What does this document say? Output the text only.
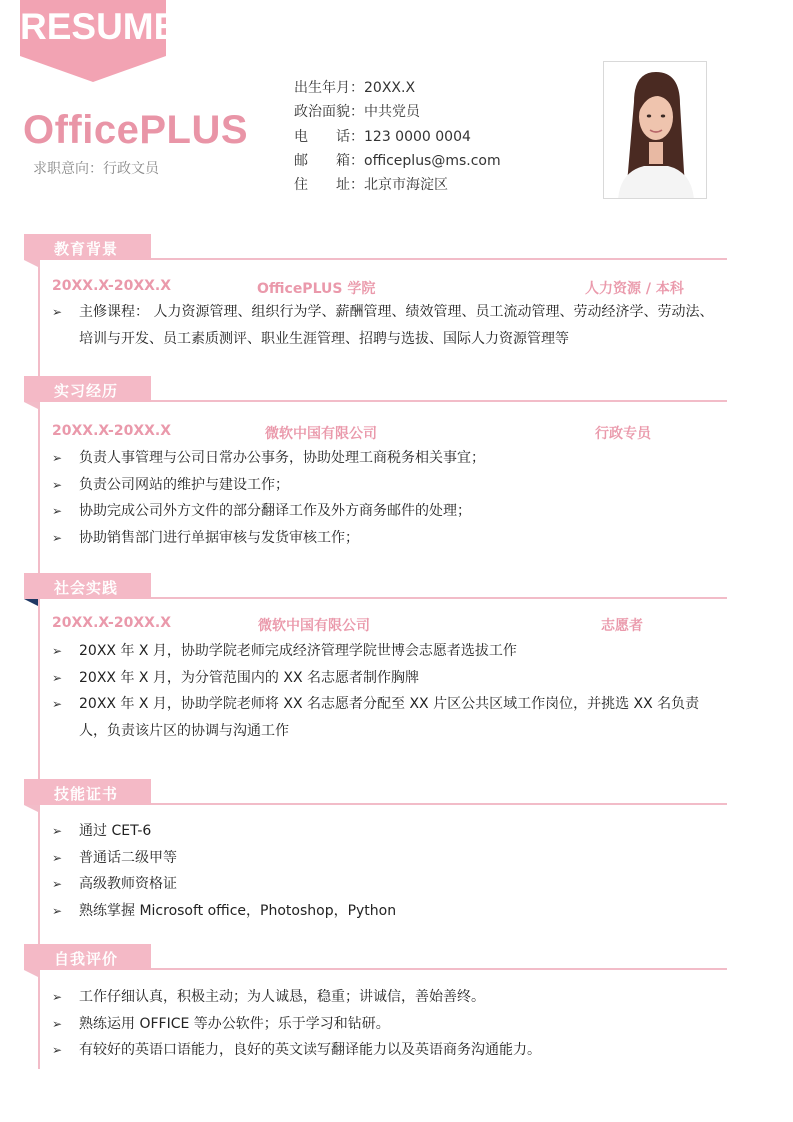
RESUME
OfficePLUS
求职意向：行政文员
出生年月： 20XX.X
政治面貌： 中共党员
电　　话： 123 0000 0004
邮　　箱： officeplus@ms.com
住　　址： 北京市海淀区
教育背景
20XX.X-20XX.X	OfficePLUS 学院	人力资源 / 本科
➢ 主修课程： 人力资源管理、组织行为学、薪酬管理、绩效管理、员工流动管理、劳动经济学、劳动法、培训与开发、员工素质测评、职业生涯管理、招聘与选拔、国际人力资源管理等
实习经历
20XX.X-20XX.X	微软中国有限公司	行政专员
➢ 负责人事管理与公司日常办公事务，协助处理工商税务相关事宜；
➢ 负责公司网站的维护与建设工作；
➢ 协助完成公司外方文件的部分翻译工作及外方商务邮件的处理；
➢ 协助销售部门进行单据审核与发货审核工作；
社会实践
20XX.X-20XX.X	微软中国有限公司	志愿者
➢ 20XX 年 X 月，协助学院老师完成经济管理学院世博会志愿者选拔工作
➢ 20XX 年 X 月，为分管范围内的 XX 名志愿者制作胸牌
➢ 20XX 年 X 月，协助学院老师将 XX 名志愿者分配至 XX 片区公共区域工作岗位，并挑选 XX 名负责人，负责该片区的协调与沟通工作
技能证书
➢ 通过 CET-6
➢ 普通话二级甲等
➢ 高级教师资格证
➢ 熟练掌握 Microsoft office，Photoshop，Python
自我评价
➢ 工作仔细认真，积极主动；为人诚恳，稳重；讲诚信，善始善终。
➢ 熟练运用 OFFICE 等办公软件；乐于学习和钻研。
➢ 有较好的英语口语能力，良好的英文读写翻译能力以及英语商务沟通能力。
